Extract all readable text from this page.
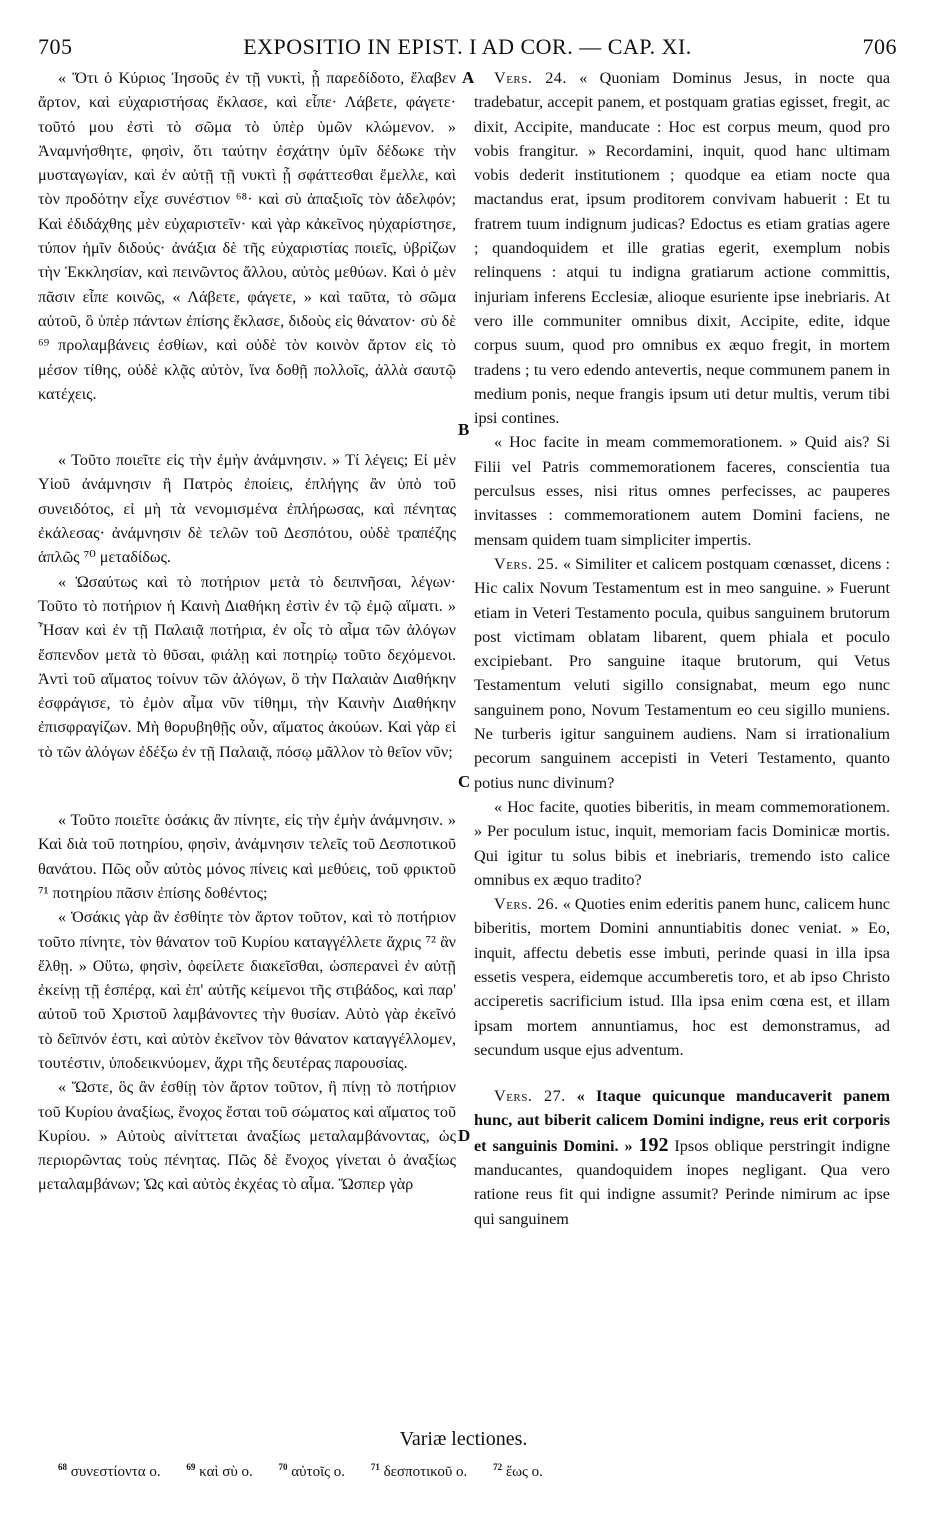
705	EXPOSITIO IN EPIST. I AD COR. — CAP. XI.	706

« Ὅτι ὁ Κύριος Ἰησοῦς ἐν τῇ νυκτὶ, ᾗ παρεδίδοτο, ἔλαβεν ἄρτον, καὶ εὐχαριστήσας ἔκλασε, καὶ εἶπε· Λάβετε, φάγετε· τοῦτό μου ἐστὶ τὸ σῶμα τὸ ὑπὲρ ὑμῶν κλώμενον. » Ἀναμνήσθητε, φησὶν, ὅτι ταύτην ἐσχάτην ὑμῖν δέδωκε τὴν μυσταγωγίαν, καὶ ἐν αὐτῇ τῇ νυκτὶ ᾗ σφάττεσθαι ἔμελλε, καὶ τὸν προδότην εἶχε συνέστιον ⁶⁸· καὶ σὺ ἀπαξιοῖς τὸν ἀδελφόν; Καὶ ἐδιδάχθης μὲν εὐχαριστεῖν· καὶ γὰρ κἀκεῖνος ηὐχαρίστησε, τύπον ἡμῖν διδούς· ἀνάξια δὲ τῆς εὐχαριστίας ποιεῖς, ὑβρίζων τὴν Ἐκκλησίαν, καὶ πεινῶντος ἄλλου, αὐτὸς μεθύων. Καὶ ὁ μὲν πᾶσιν εἶπε κοινῶς, « Λάβετε, φάγετε, » καὶ ταῦτα, τὸ σῶμα αὐτοῦ, ὃ ὑπὲρ πάντων ἐπίσης ἔκλασε, διδοὺς εἰς θάνατον· σὺ δὲ ⁶⁹ προλαμβάνεις ἐσθίων, καὶ οὐδὲ τὸν κοινὸν ἄρτον εἰς τὸ μέσον τίθης, οὐδὲ κλᾷς αὐτὸν, ἵνα δοθῇ πολλοῖς, ἀλλὰ σαυτῷ κατέχεις.

« Τοῦτο ποιεῖτε εἰς τὴν ἐμὴν ἀνάμνησιν. » Τί λέγεις; Εἰ μὲν Υἱοῦ ἀνάμνησιν ἢ Πατρὸς ἐποίεις, ἐπλήγης ἂν ὑπὸ τοῦ συνειδότος, εἰ μὴ τὰ νενομισμένα ἐπλήρωσας, καὶ πένητας ἐκάλεσας· ἀνάμνησιν δὲ τελῶν τοῦ Δεσπότου, οὐδὲ τραπέζης ἁπλῶς ⁷⁰ μεταδίδως.

« Ὡσαύτως καὶ τὸ ποτήριον μετὰ τὸ δειπνῆσαι, λέγων· Τοῦτο τὸ ποτήριον ἡ Καινὴ Διαθήκη ἐστὶν ἐν τῷ ἐμῷ αἵματι. » Ἦσαν καὶ ἐν τῇ Παλαιᾷ ποτήρια, ἐν οἷς τὸ αἷμα τῶν ἀλόγων ἔσπενδον μετὰ τὸ θῦσαι, φιάλῃ καὶ ποτηρίῳ τοῦτο δεχόμενοι. Ἀντὶ τοῦ αἵματος τοίνυν τῶν ἀλόγων, ὃ τὴν Παλαιὰν Διαθήκην ἐσφράγισε, τὸ ἐμὸν αἷμα νῦν τίθημι, τὴν Καινὴν Διαθήκην ἐπισφραγίζων. Μὴ θορυβηθῇς οὖν, αἵματος ἀκούων. Καὶ γὰρ εἰ τὸ τῶν ἀλόγων ἐδέξω ἐν τῇ Παλαιᾷ, πόσῳ μᾶλλον τὸ θεῖον νῦν;

« Τοῦτο ποιεῖτε ὁσάκις ἂν πίνητε, εἰς τὴν ἐμὴν ἀνάμνησιν. » Καὶ διὰ τοῦ ποτηρίου, φησὶν, ἀνάμνησιν τελεῖς τοῦ Δεσποτικοῦ θανάτου. Πῶς οὖν αὐτὸς μόνος πίνεις καὶ μεθύεις, τοῦ φρικτοῦ ⁷¹ ποτηρίου πᾶσιν ἐπίσης δοθέντος;

« Ὁσάκις γὰρ ἂν ἐσθίητε τὸν ἄρτον τοῦτον, καὶ τὸ ποτήριον τοῦτο πίνητε, τὸν θάνατον τοῦ Κυρίου καταγγέλλετε ἄχρις ⁷² ἂν ἔλθῃ. » Οὕτω, φησὶν, ὀφείλετε διακεῖσθαι, ὡσπερανεὶ ἐν αὐτῇ ἐκείνῃ τῇ ἑσπέρᾳ, καὶ ἐπ' αὐτῆς κείμενοι τῆς στιβάδος, καὶ παρ' αὐτοῦ τοῦ Χριστοῦ λαμβάνοντες τὴν θυσίαν. Αὐτὸ γὰρ ἐκεῖνό τὸ δεῖπνόν ἐστι, καὶ αὐτὸν ἐκεῖνον τὸν θάνατον καταγγέλλομεν, τουτέστιν, ὑποδεικνύομεν, ἄχρι τῆς δευτέρας παρουσίας.

« Ὥστε, ὃς ἂν ἐσθίῃ τὸν ἄρτον τοῦτον, ἢ πίνῃ τὸ ποτήριον τοῦ Κυρίου ἀναξίως, ἔνοχος ἔσται τοῦ σώματος καὶ αἵματος τοῦ Κυρίου. » Αὐτοὺς αἰνίττεται ἀναξίως μεταλαμβάνοντας, ὡς περιορῶντας τοὺς πένητας. Πῶς δὲ ἔνοχος γίνεται ὁ ἀναξίως μεταλαμβάνων; Ὡς καὶ αὐτὸς ἐκχέας τὸ αἷμα. Ὥσπερ γὰρ

A
B
C
D

Vers. 24. « Quoniam Dominus Jesus, in nocte qua tradebatur, accepit panem, et postquam gratias egisset, fregit, ac dixit, Accipite, manducate : Hoc est corpus meum, quod pro vobis frangitur. » Recordamini, inquit, quod hanc ultimam vobis dederit institutionem ; quodque ea etiam nocte qua mactandus erat, ipsum proditorem convivam habuerit : Et tu fratrem tuum indignum judicas? Edoctus es etiam gratias agere ; quandoquidem et ille gratias egerit, exemplum nobis relinquens : atqui tu indigna gratiarum actione committis, injuriam inferens Ecclesiæ, alioque esuriente ipse inebriaris. At vero ille communiter omnibus dixit, Accipite, edite, idque corpus suum, quod pro omnibus ex æquo fregit, in mortem tradens ; tu vero edendo antevertis, neque communem panem in medium ponis, neque frangis ipsum uti detur multis, verum tibi ipsi contines.

« Hoc facite in meam commemorationem. » Quid ais? Si Filii vel Patris commemorationem faceres, conscientia tua perculsus esses, nisi ritus omnes perfecisses, ac pauperes invitasses : commemorationem autem Domini faciens, ne mensam quidem tuam simpliciter impertis.

Vers. 25. « Similiter et calicem postquam cœnasset, dicens : Hic calix Novum Testamentum est in meo sanguine. » Fuerunt etiam in Veteri Testamento pocula, quibus sanguinem brutorum post victimam oblatam libarent, quem phiala et poculo excipiebant. Pro sanguine itaque brutorum, qui Vetus Testamentum veluti sigillo consignabat, meum ego nunc sanguinem pono, Novum Testamentum eo ceu sigillo muniens. Ne turberis igitur sanguinem audiens. Nam si irrationalium pecorum sanguinem accepisti in Veteri Testamento, quanto potius nunc divinum?

« Hoc facite, quoties biberitis, in meam commemorationem. » Per poculum istuc, inquit, memoriam facis Dominicæ mortis. Qui igitur tu solus bibis et inebriaris, tremendo isto calice omnibus ex æquo tradito?

Vers. 26. « Quoties enim ederitis panem hunc, calicem hunc biberitis, mortem Domini annuntiabitis donec veniat. » Eo, inquit, affectu debetis esse imbuti, perinde quasi in illa ipsa essetis vespera, eidemque accumberetis toro, et ab ipso Christo acciperetis sacrificium istud. Illa ipsa enim cœna est, et illam ipsam mortem annuntiamus, hoc est demonstramus, ad secundum usque ejus adventum.

Vers. 27. « Itaque quicunque manducaverit panem hunc, aut biberit calicem Domini indigne, reus erit corporis et sanguinis Domini. » 192 Ipsos oblique perstringit indigne manducantes, quandoquidem inopes negligant. Qua vero ratione reus fit qui indigne assumit? Perinde nimirum ac ipse qui sanguinem

Variæ lectiones.
$^{68}$ συνεστίοντα ο.	$^{69}$ καὶ σὺ ο.	$^{70}$ αὐτοῖς ο.	$^{71}$ δεσποτικοῦ ο.	$^{72}$ ἕως ο.
